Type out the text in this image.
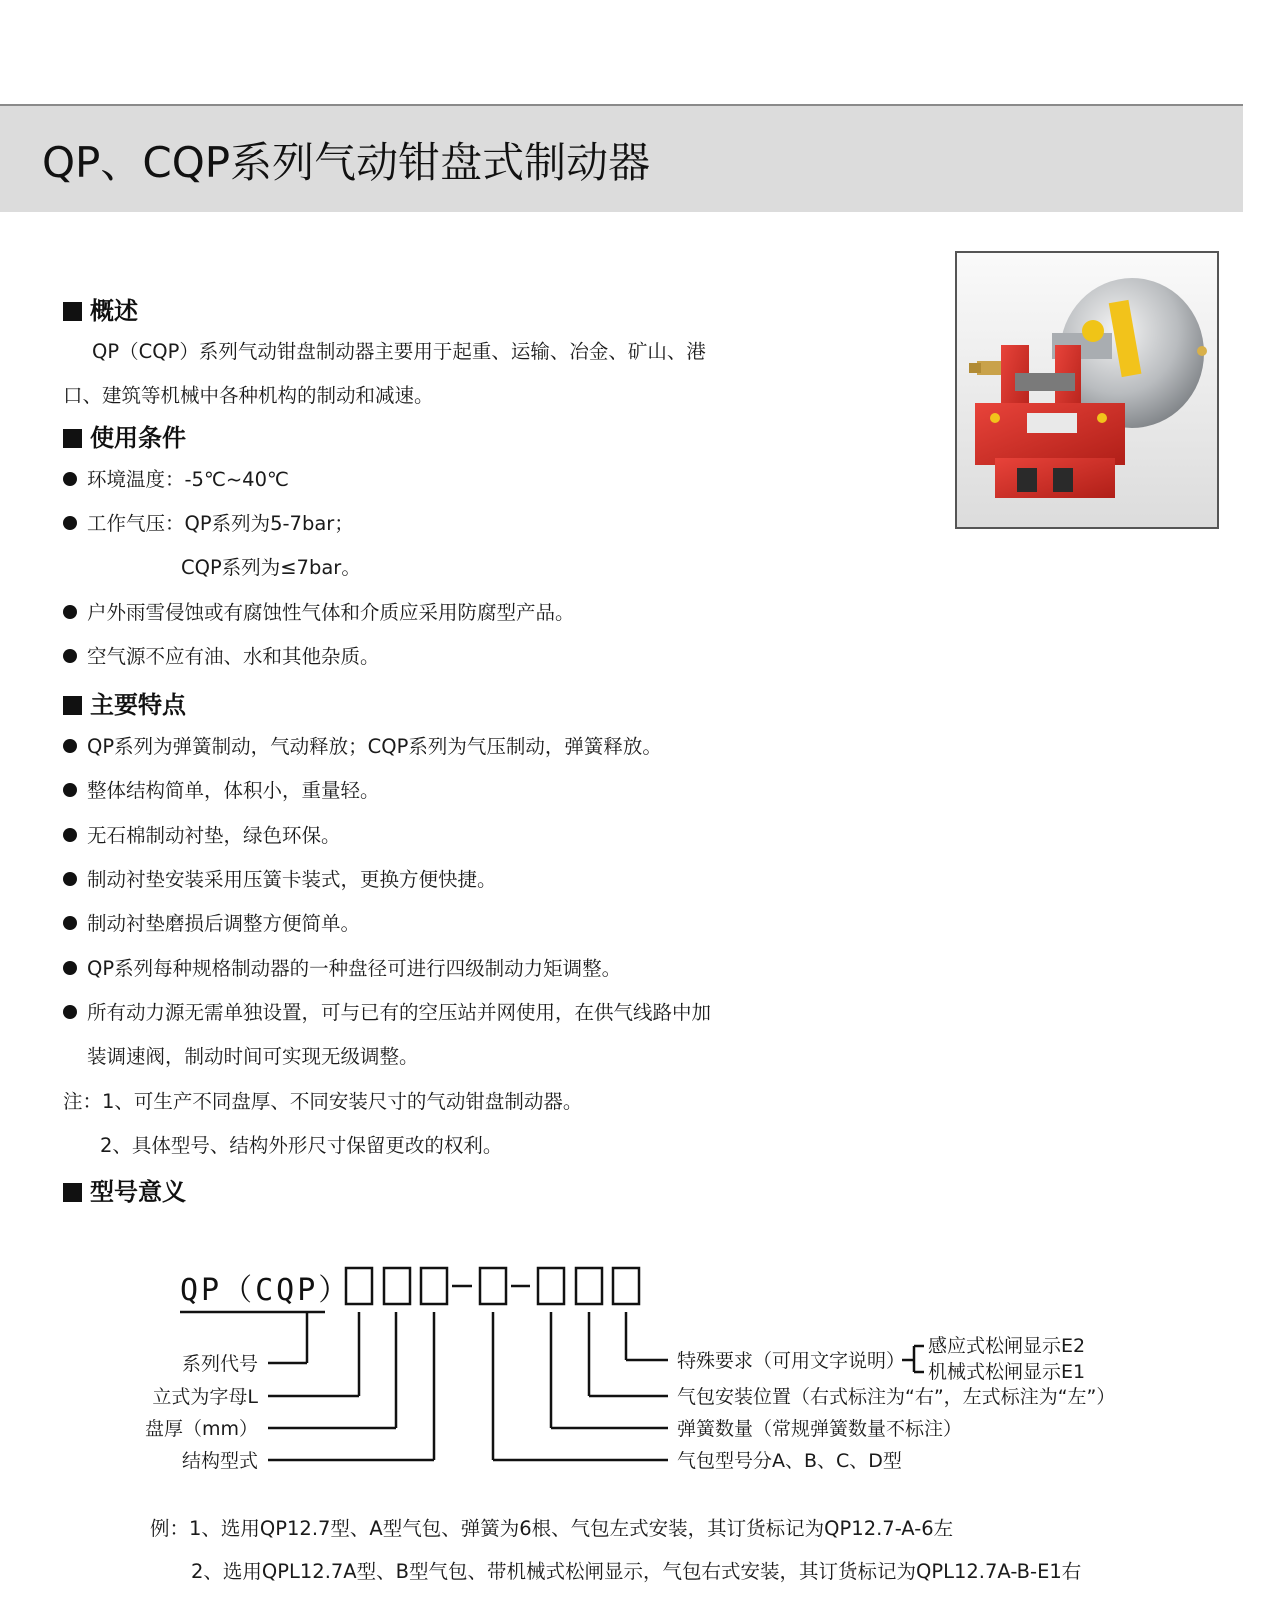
QP、CQP系列气动钳盘式制动器
概述
QP（CQP）系列气动钳盘制动器主要用于起重、运输、冶金、矿山、港
口、建筑等机械中各种机构的制动和减速。
使用条件
环境温度：-5℃~40℃
工作气压：QP系列为5-7bar；
CQP系列为≤7bar。
户外雨雪侵蚀或有腐蚀性气体和介质应采用防腐型产品。
空气源不应有油、水和其他杂质。
主要特点
QP系列为弹簧制动，气动释放；CQP系列为气压制动，弹簧释放。
整体结构简单，体积小，重量轻。
无石棉制动衬垫，绿色环保。
制动衬垫安装采用压簧卡装式，更换方便快捷。
制动衬垫磨损后调整方便简单。
QP系列每种规格制动器的一种盘径可进行四级制动力矩调整。
所有动力源无需单独设置，可与已有的空压站并网使用，在供气线路中加
装调速阀，制动时间可实现无级调整。
注：1、可生产不同盘厚、不同安装尺寸的气动钳盘制动器。
2、具体型号、结构外形尺寸保留更改的权利。
型号意义
QP（CQP）
系列代号
立式为字母L
盘厚（mm）
结构型式
特殊要求（可用文字说明）
气包安装位置（右式标注为“右”，左式标注为“左”）
弹簧数量（常规弹簧数量不标注）
气包型号分A、B、C、D型
感应式松闸显示E2
机械式松闸显示E1
例：1、选用QP12.7型、A型气包、弹簧为6根、气包左式安装，其订货标记为QP12.7-A-6左
2、选用QPL12.7A型、B型气包、带机械式松闸显示，气包右式安装，其订货标记为QPL12.7A-B-E1右
